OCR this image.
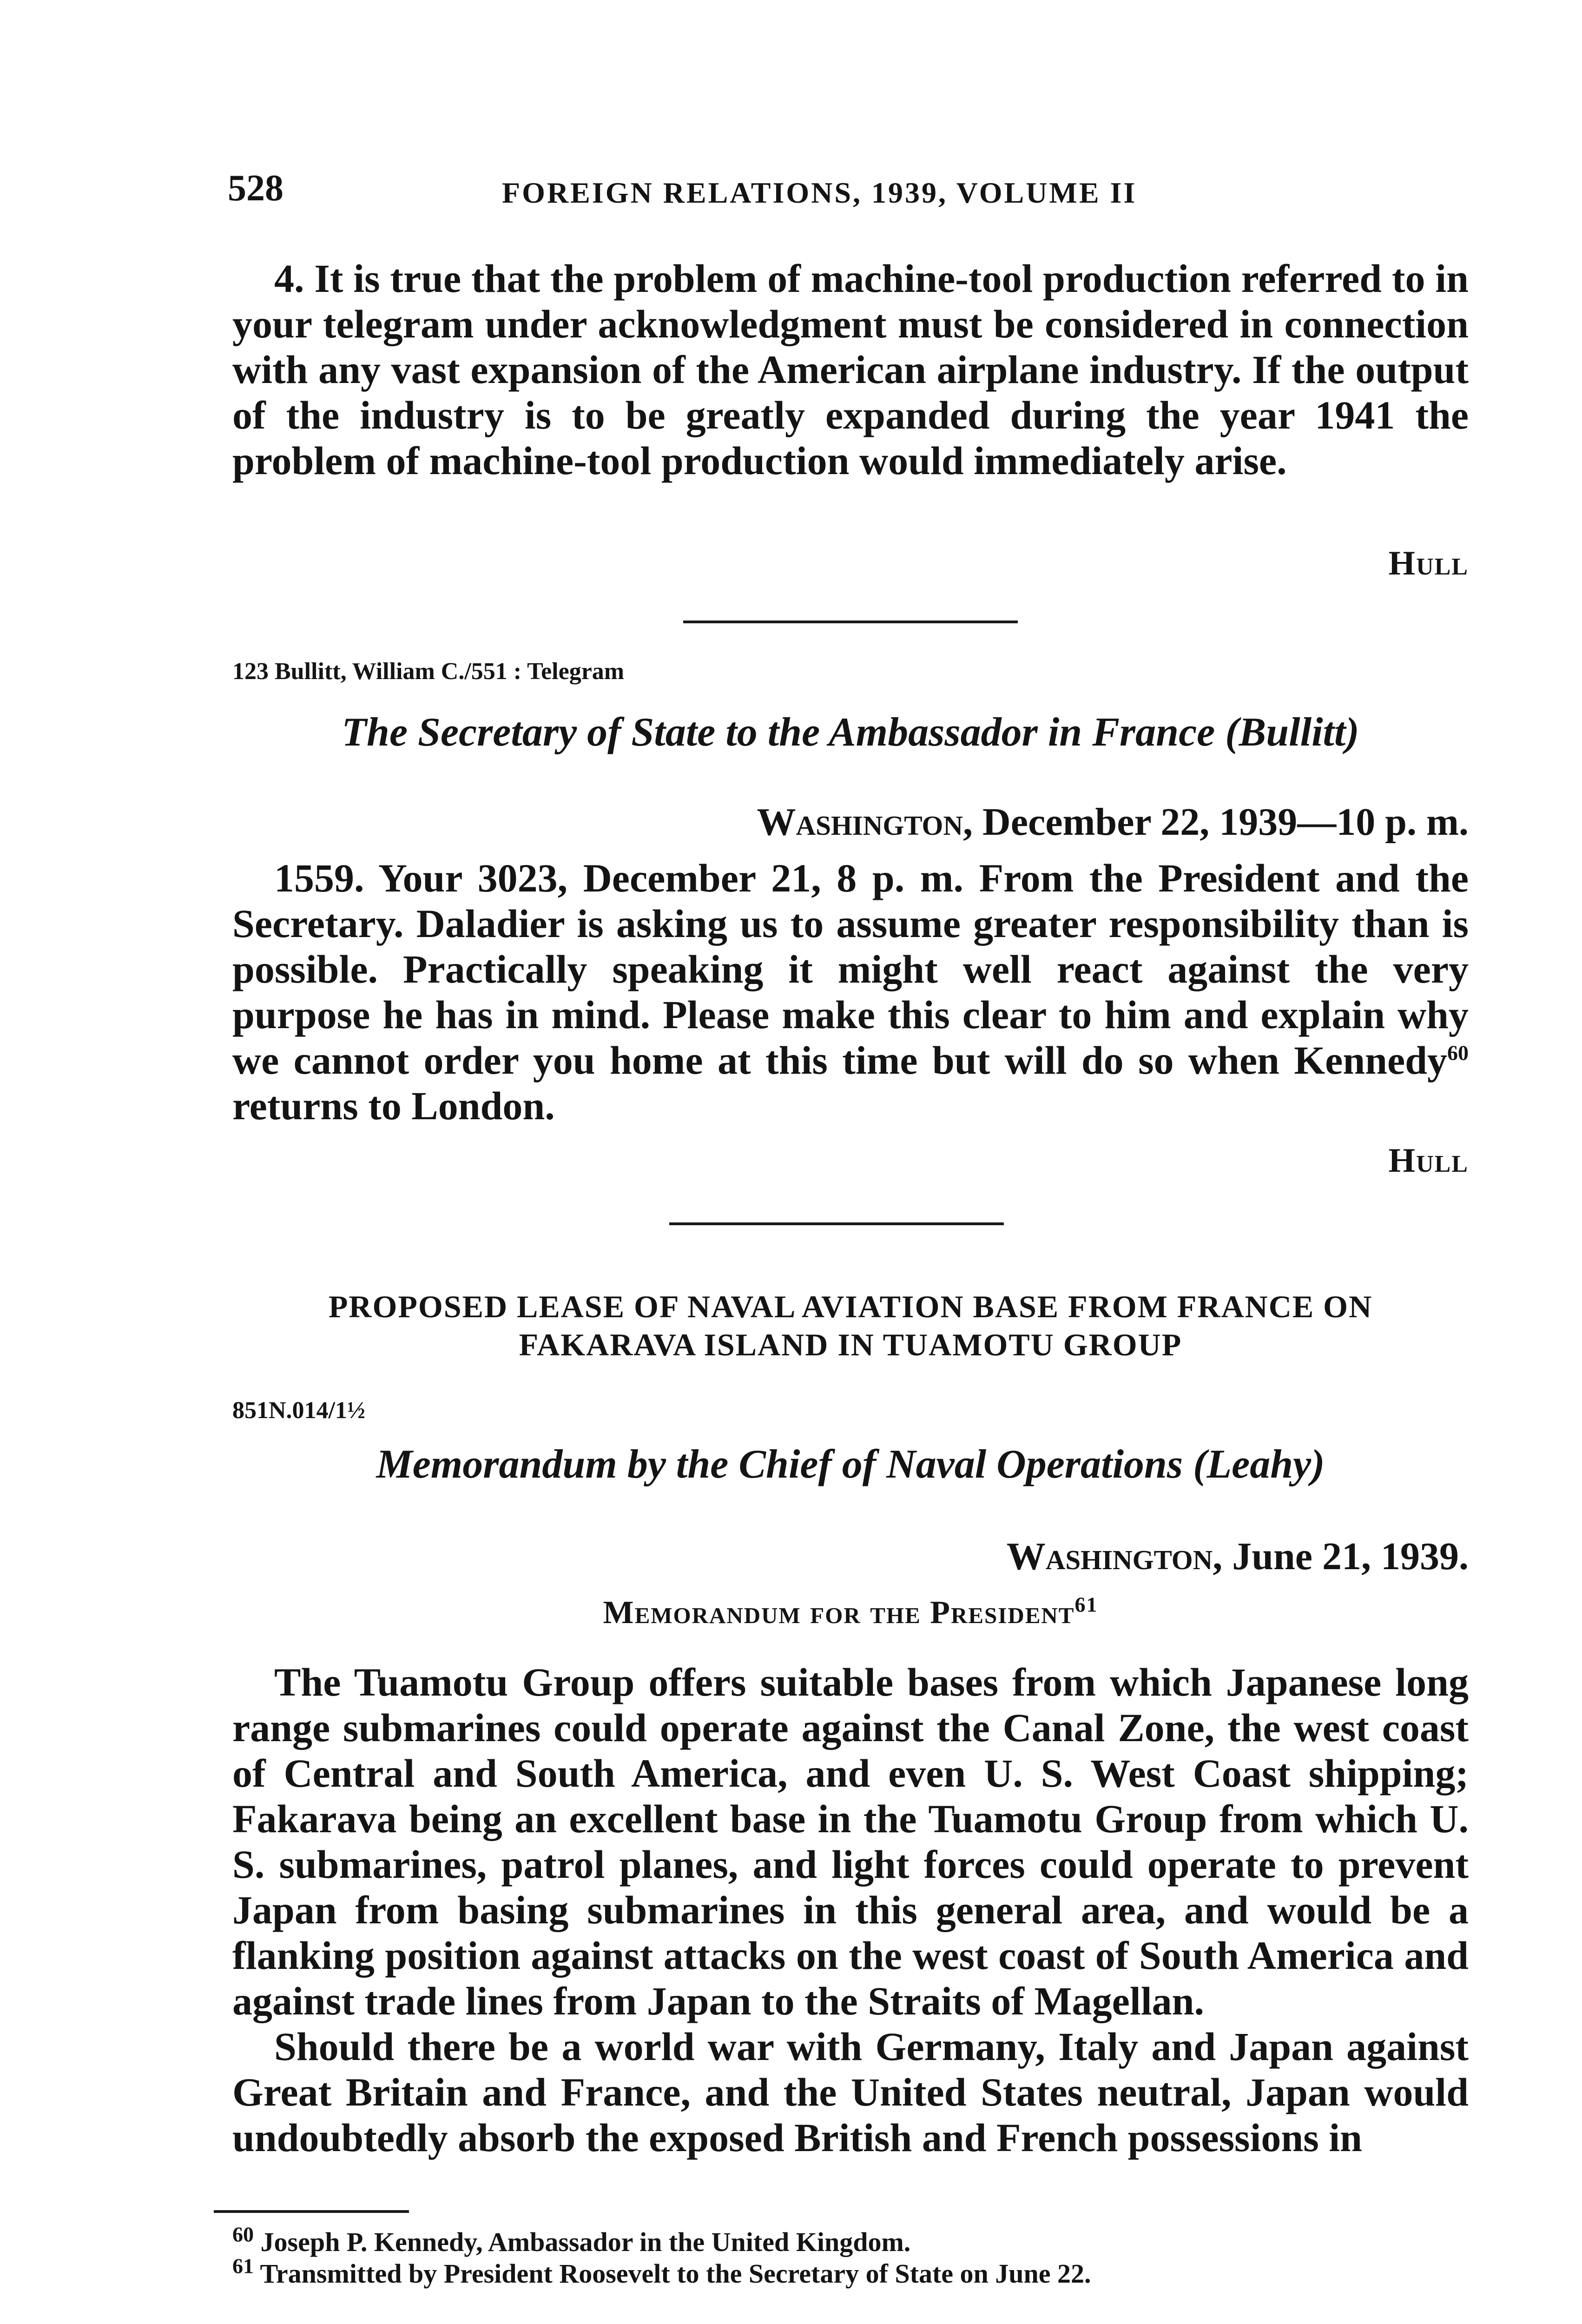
528	FOREIGN RELATIONS, 1939, VOLUME II

4. It is true that the problem of machine-tool production referred to in your telegram under acknowledgment must be considered in connection with any vast expansion of the American airplane industry. If the output of the industry is to be greatly expanded during the year 1941 the problem of machine-tool production would immediately arise.

Hull
123 Bullitt, William C./551 : Telegram
The Secretary of State to the Ambassador in France (Bullitt)
Washington, December 22, 1939—10 p. m.

1559. Your 3023, December 21, 8 p. m. From the President and the Secretary. Daladier is asking us to assume greater responsibility than is possible. Practically speaking it might well react against the very purpose he has in mind. Please make this clear to him and explain why we cannot order you home at this time but will do so when Kennedy$^{60}$ returns to London.

Hull
PROPOSED LEASE OF NAVAL AVIATION BASE FROM FRANCE ON
FAKARAVA ISLAND IN TUAMOTU GROUP
851N.014/1½
Memorandum by the Chief of Naval Operations (Leahy)
Washington, June 21, 1939.
Memorandum for the President$^{61}$

The Tuamotu Group offers suitable bases from which Japanese long range submarines could operate against the Canal Zone, the west coast of Central and South America, and even U. S. West Coast shipping; Fakarava being an excellent base in the Tuamotu Group from which U. S. submarines, patrol planes, and light forces could operate to prevent Japan from basing submarines in this general area, and would be a flanking position against attacks on the west coast of South America and against trade lines from Japan to the Straits of Magellan.

Should there be a world war with Germany, Italy and Japan against Great Britain and France, and the United States neutral, Japan would undoubtedly absorb the exposed British and French possessions in

$^{60}$ Joseph P. Kennedy, Ambassador in the United Kingdom.

$^{61}$ Transmitted by President Roosevelt to the Secretary of State on June 22.
